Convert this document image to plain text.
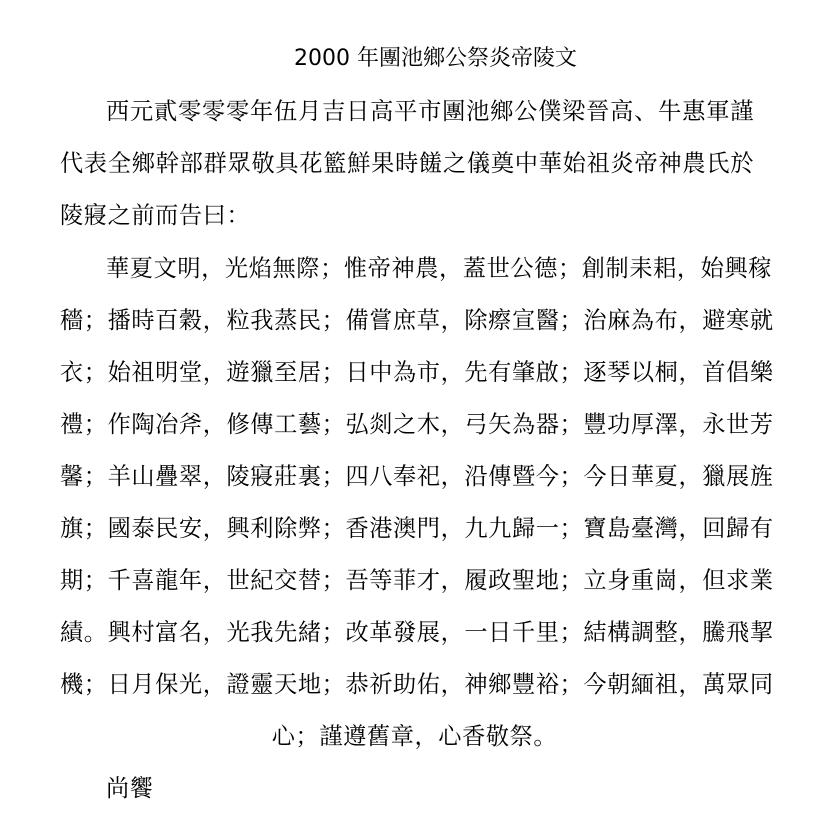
2000 年團池鄉公祭炎帝陵文
西元貳零零零年伍月吉日高平市團池鄉公僕梁晉高、牛惠軍謹
代表全鄉幹部群眾敬具花籃鮮果時饈之儀奠中華始祖炎帝神農氏於
陵寢之前而告曰：
華夏文明，光焰無際；惟帝神農，蓋世公德；創制耒耜，始興稼
穡；播時百穀，粒我蒸民；備嘗庶草，除瘵宣醫；治麻為布，避寒就
衣；始祖明堂，遊獵至居；日中為市，先有肇啟；逐琴以桐，首倡樂
禮；作陶冶斧，修傳工藝；弘剡之木，弓矢為器；豐功厚澤，永世芳
馨；羊山疊翠，陵寢莊裏；四八奉祀，沿傳暨今；今日華夏，獵展旌
旗；國泰民安，興利除弊；香港澳門，九九歸一；寶島臺灣，回歸有
期；千喜龍年，世紀交替；吾等菲才，履政聖地；立身重崗，但求業
績。興村富名，光我先緒；改革發展，一日千里；結構調整，騰飛挈
機；日月保光，證靈天地；恭祈助佑，神鄉豐裕；今朝緬祖，萬眾同
心；謹遵舊章，心香敬祭。
尚饗
